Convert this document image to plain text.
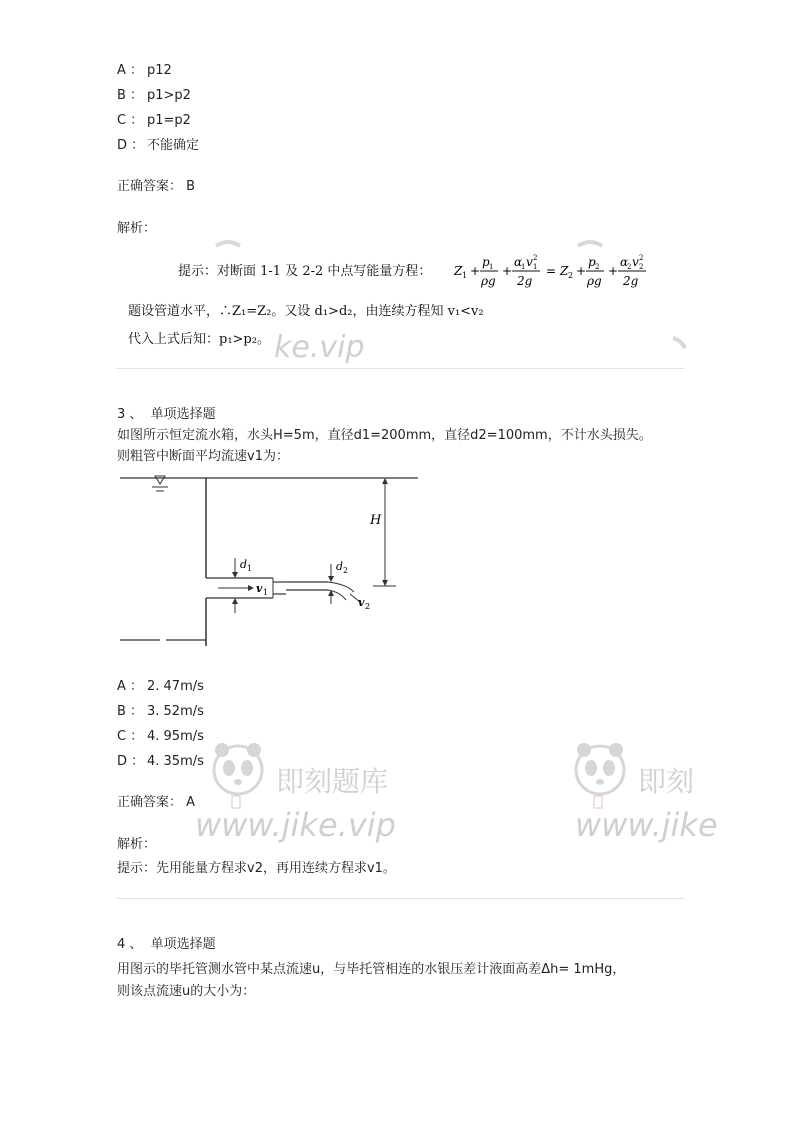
A ： p12
B ： p1>p2
C ： p1=p2
D ： 不能确定
正确答案： B
解析：
提示：对断面 1-1 及 2-2 中点写能量方程： Z 1 +
p 1
ρg
+
α
1 v 2
1
2g
= Z 2 +
p 2
ρg
+
α
2 v 2
2
2g
题设管道水平，∴Z₁=Z₂。又设 d₁>d₂，由连续方程知 v₁<v₂
代入上式后知：p₁>p₂。 ke.vip
3 、 单项选择题
如图所示恒定流水箱，水头H=5m，直径d1=200mm，直径d2=100mm，不计水头损失。
则粗管中断面平均流速v1为：
H
d 1	d 2
v 1
v 2
A ： 2. 47m/s
B ： 3. 52m/s
C ： 4. 95m/s
D ： 4. 35m/s
即刻题库
www.jike.vip
即刻
www.jike
正确答案： A
解析：
提示：先用能量方程求v2，再用连续方程求v1。
4 、 单项选择题
用图示的毕托管测水管中某点流速u，与毕托管相连的水银压差计液面高差Δh= 1mHg，
则该点流速u的大小为：
